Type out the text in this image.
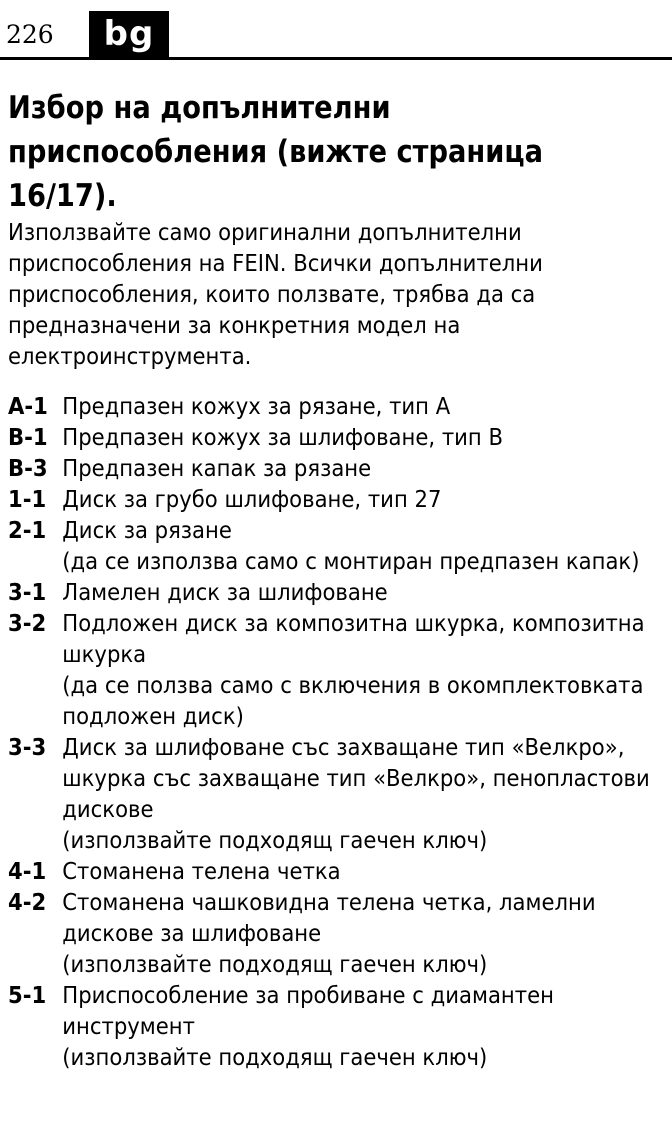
226	bg
Избор на допълнителни приспособления (вижте страница 16/17).

Използвайте само оригинални допълнителни приспособления на FEIN. Всички допълнителни приспособления, които ползвате, трябва да са предназначени за конкретния модел на електроинструмента.

A-1 Предпазен кожух за рязане, тип A
B-1 Предпазен кожух за шлифоване, тип B
B-3 Предпазен капак за рязане
1-1 Диск за грубо шлифоване, тип 27
2-1 Диск за рязане
(да се използва само с монтиран предпазен капак)
3-1 Ламелен диск за шлифоване
3-2 Подложен диск за композитна шкурка, композитна шкурка
(да се ползва само с включения в окомплектовката подложен диск)
3-3 Диск за шлифоване със захващане тип «Велкро», шкурка със захващане тип «Велкро», пенопластови дискове
(използвайте подходящ гаечен ключ)
4-1 Стоманена телена четка
4-2 Стоманена чашковидна телена четка, ламелни дискове за шлифоване
(използвайте подходящ гаечен ключ)
5-1 Приспособление за пробиване с диамантен инструмент
(използвайте подходящ гаечен ключ)
